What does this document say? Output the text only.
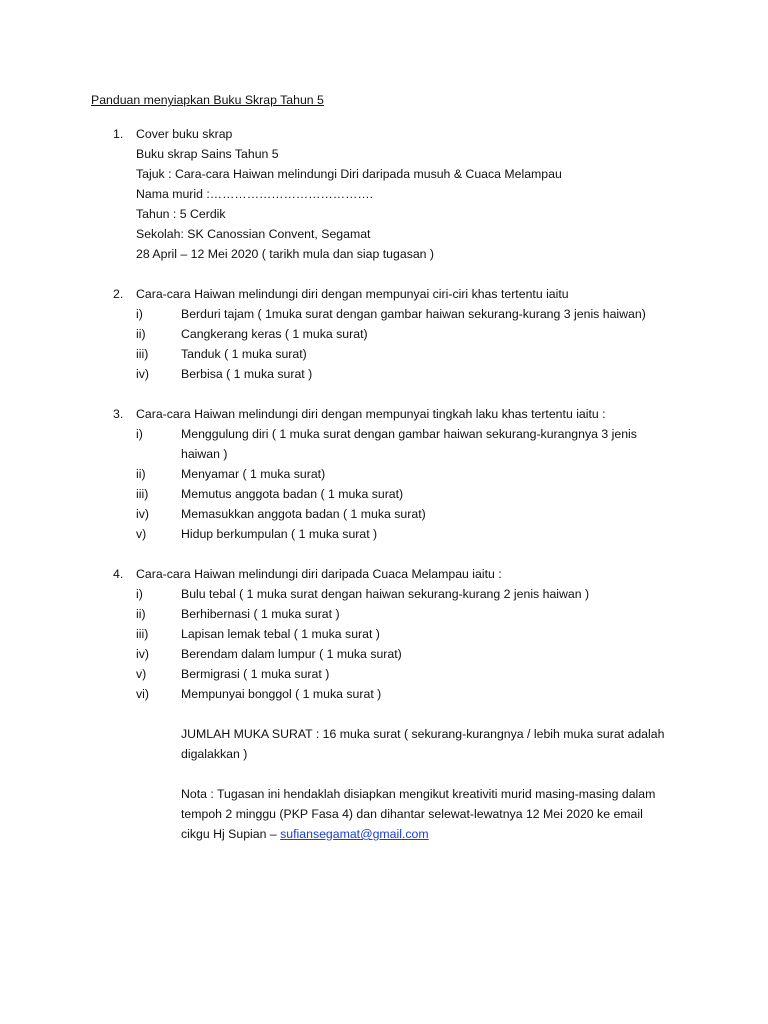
Panduan menyiapkan Buku Skrap Tahun 5
1. Cover buku skrap
Buku skrap Sains Tahun 5
Tajuk : Cara-cara Haiwan melindungi Diri daripada musuh & Cuaca Melampau
Nama murid :………………………………….
Tahun : 5 Cerdik
Sekolah: SK Canossian Convent, Segamat
28 April – 12 Mei 2020 ( tarikh mula dan siap tugasan )
2. Cara-cara Haiwan melindungi diri dengan mempunyai ciri-ciri khas tertentu iaitu
i)	Berduri tajam ( 1muka surat dengan gambar haiwan sekurang-kurang 3 jenis haiwan)
ii)	Cangkerang keras ( 1 muka surat)
iii)	Tanduk ( 1 muka surat)
iv)	Berbisa ( 1 muka surat )
3. Cara-cara Haiwan melindungi diri dengan mempunyai tingkah laku khas tertentu iaitu :
i)	Menggulung diri ( 1 muka surat dengan gambar haiwan sekurang-kurangnya 3 jenis
haiwan )
ii)	Menyamar ( 1 muka surat)
iii)	Memutus anggota badan ( 1 muka surat)
iv)	Memasukkan anggota badan ( 1 muka surat)
v)	Hidup berkumpulan ( 1 muka surat )
4. Cara-cara Haiwan melindungi diri daripada Cuaca Melampau iaitu :
i)	Bulu tebal ( 1 muka surat dengan haiwan sekurang-kurang 2 jenis haiwan )
ii)	Berhibernasi ( 1 muka surat )
iii)	Lapisan lemak tebal ( 1 muka surat )
iv)	Berendam dalam lumpur ( 1 muka surat)
v)	Bermigrasi ( 1 muka surat )
vi)	Mempunyai bonggol ( 1 muka surat )
JUMLAH MUKA SURAT : 16 muka surat ( sekurang-kurangnya / lebih muka surat adalah
digalakkan )
Nota : Tugasan ini hendaklah disiapkan mengikut kreativiti murid masing-masing dalam
tempoh 2 minggu (PKP Fasa 4) dan dihantar selewat-lewatnya 12 Mei 2020 ke email
cikgu Hj Supian – sufiansegamat@gmail.com
